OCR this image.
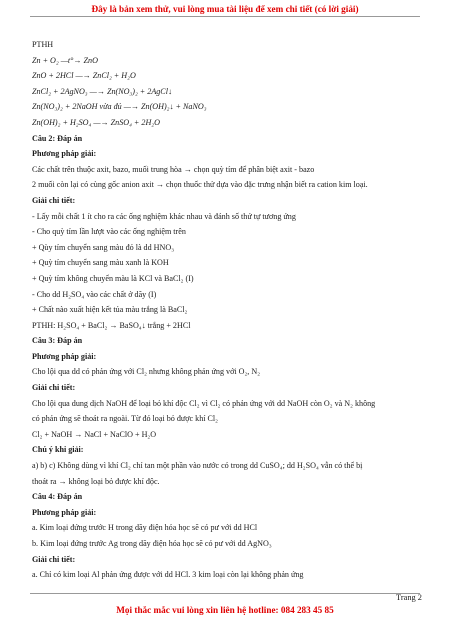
Đây là bản xem thử, vui lòng mua tài liệu để xem chi tiết (có lời giải)

PTHH

Zn + O₂ —t°→ ZnO

ZnO + 2HCl —→ ZnCl₂ + H₂O

ZnCl₂ + 2AgNO₃ —→ Zn(NO₃)₂ + 2AgCl↓

Zn(NO₃)₂ + 2NaOH vừa đủ —→ Zn(OH)₂↓ + NaNO₃

Zn(OH)₂ + H₂SO₄ —→ ZnSO₄ + 2H₂O

Câu 2: Đáp án

Phương pháp giải:

Các chất trên thuộc axit, bazo, muối trung hòa → chọn quỳ tím để phân biệt axit - bazo

2 muối còn lại có cùng gốc anion axit → chọn thuốc thử dựa vào đặc trưng nhận biết ra cation kim loại.

Giải chi tiết:

- Lấy mỗi chất 1 ít cho ra các ống nghiệm khác nhau và đánh số thứ tự tương ứng

- Cho quỳ tím lần lượt vào các ống nghiệm trên

+ Qùy tím chuyển sang màu đỏ là dd HNO₃

+ Quỳ tím chuyển sang màu xanh là KOH

+ Quỳ tím không chuyển màu là KCl và BaCl₂ (I)

- Cho dd H₂SO₄ vào các chất ở dãy (I)

+ Chất nào xuất hiện kết tủa màu trắng là BaCl₂

PTHH: H₂SO₄ + BaCl₂ → BaSO₄↓ trắng + 2HCl

Câu 3: Đáp án

Phương pháp giải:

Cho lội qua dd có phản ứng với Cl₂ nhưng không phản ứng với O₂, N₂

Giải chi tiết:

Cho lội qua dung dịch NaOH để loại bỏ khí độc Cl₂ vì Cl₂ có phản ứng với dd NaOH còn O₂ và N₂ không

có phản ứng sẽ thoát ra ngoài. Từ đó loại bỏ được khí Cl₂

Cl₂ + NaOH → NaCl + NaClO + H₂O

Chú ý khi giải:

a) b) c) Không dùng vì khí Cl₂ chỉ tan một phần vào nước có trong dd CuSO₄; dd H₂SO₄ vẫn có thể bị

thoát ra → không loại bỏ được khí độc.

Câu 4: Đáp án

Phương pháp giải:

a. Kim loại đứng trước H trong dãy điện hóa học sẽ có pư với dd HCl

b. Kim loại đứng trước Ag trong dãy điện hóa học sẽ có pư với dd AgNO₃

Giải chi tiết:

a. Chỉ có kim loại Al phản ứng được với dd HCl. 3 kim loại còn lại không phản ứng

Trang 2
Mọi thắc mắc vui lòng xin liên hệ hotline: 084 283 45 85
